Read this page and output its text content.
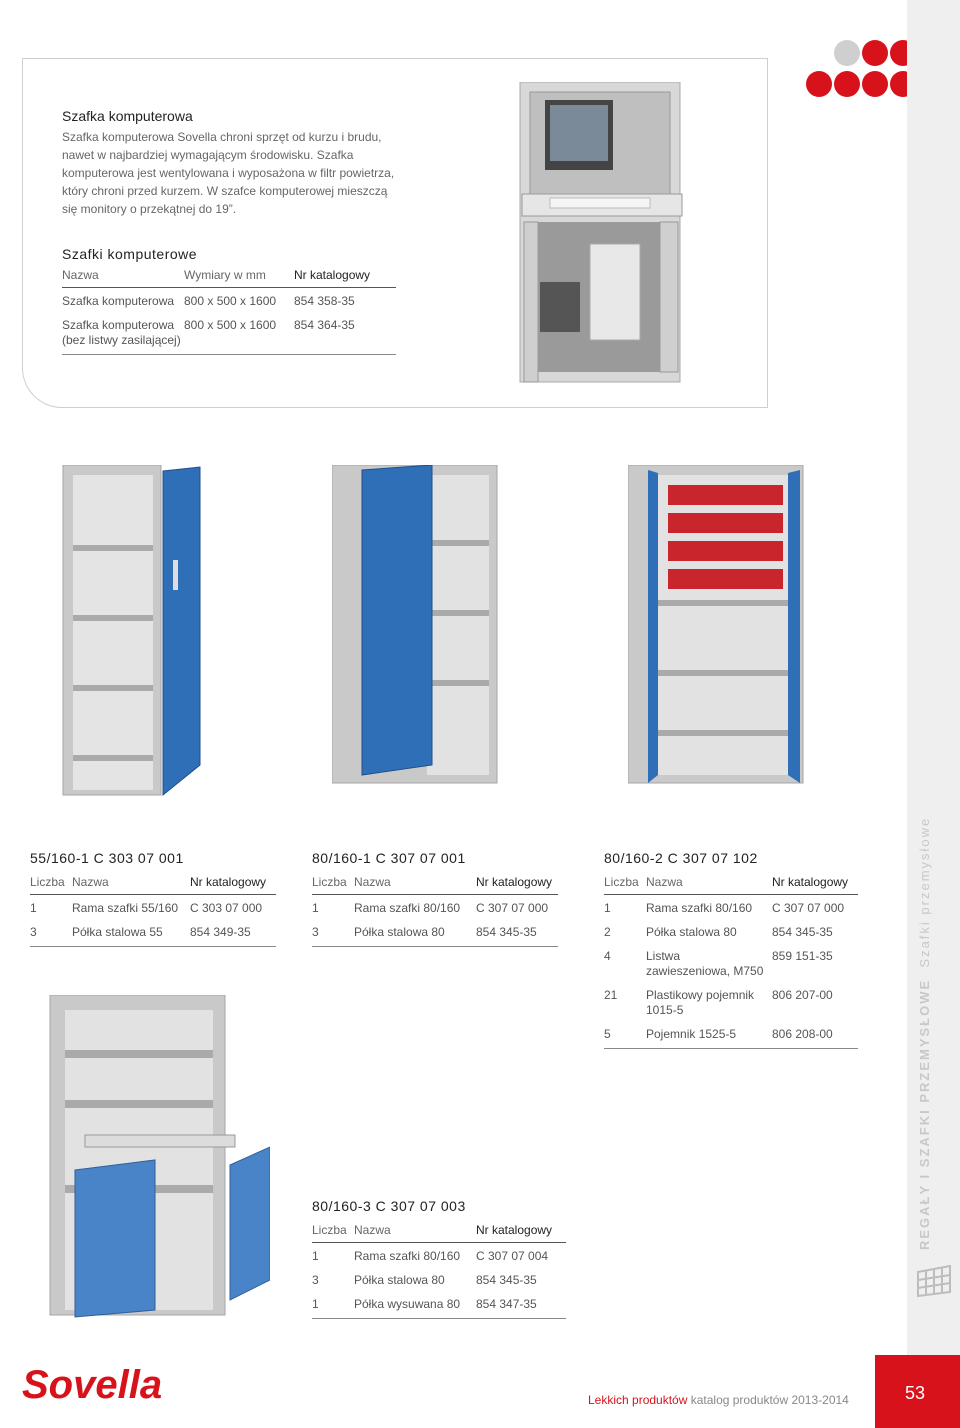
Szafka komputerowa
Szafka komputerowa Sovella chroni sprzęt od kurzu i brudu, nawet w najbardziej wymagającym środowisku. Szafka komputerowa jest wentylowana i wyposażona w filtr powietrza, który chroni przed kurzem. W szafce komputerowej mieszczą się monitory o przekątnej do 19”.
Szafki komputerowe
Nazwa	Wymiary w mm	Nr katalogowy
Szafka komputerowa	800 x 500 x 1600	854 358-35
Szafka komputerowa (bez listwy zasilającej)	800 x 500 x 1600	854 364-35
55/160-1 C 303 07 001
Liczba	Nazwa	Nr katalogowy
1	Rama szafki 55/160	C 303 07 000
3	Półka stalowa 55	854 349-35
80/160-1 C 307 07 001
Liczba	Nazwa	Nr katalogowy
1	Rama szafki 80/160	C 307 07 000
3	Półka stalowa 80	854 345-35
80/160-2 C 307 07 102
Liczba	Nazwa	Nr katalogowy
1	Rama szafki 80/160	C 307 07 000
2	Półka stalowa 80	854 345-35
4	Listwa zawieszeniowa, M750	859 151-35
21	Plastikowy pojemnik 1015-5	806 207-00
5	Pojemnik 1525-5	806 208-00
80/160-3 C 307 07 003
Liczba	Nazwa	Nr katalogowy
1	Rama szafki 80/160	C 307 07 004
3	Półka stalowa 80	854 345-35
1	Półka wysuwana 80	854 347-35
REGAŁY I SZAFKI PRZEMYSŁOWE  Szafki przemysłowe
Sovella	Lekkich produktów katalog produktów 2013-2014	53
